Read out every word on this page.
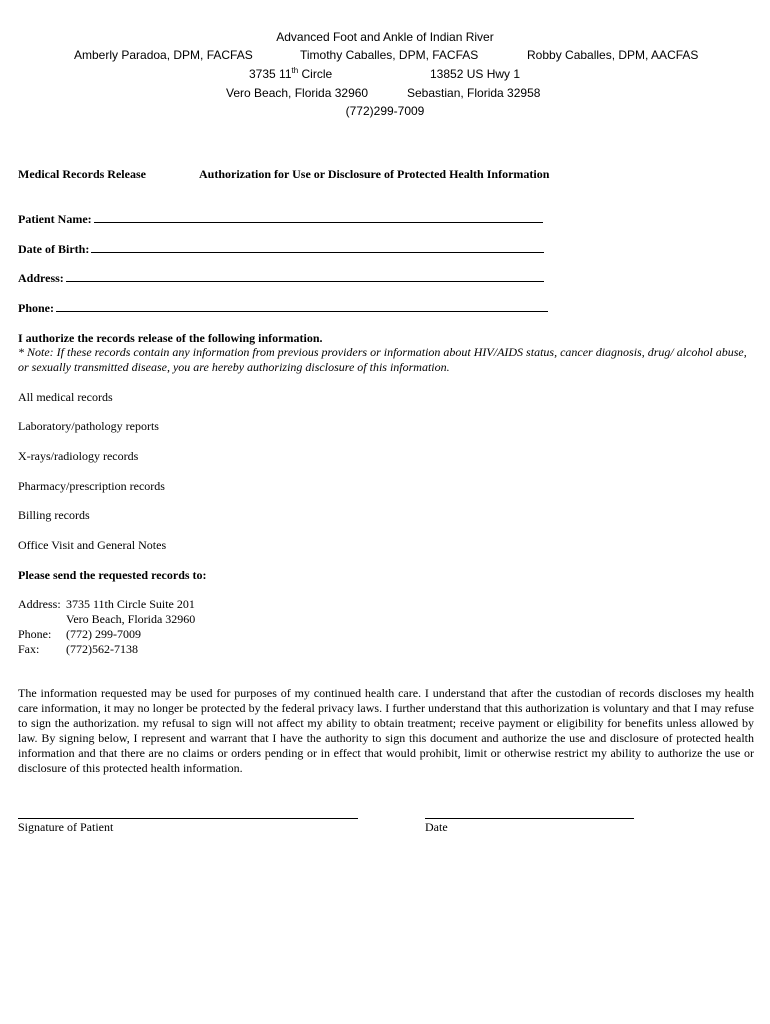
Advanced Foot and Ankle of Indian River
Amberly Paradoa, DPM, FACFAS	Timothy Caballes, DPM, FACFAS	Robby Caballes, DPM, AACFAS
3735 11th Circle	13852 US Hwy 1
Vero Beach, Florida 32960	Sebastian, Florida 32958
(772)299-7009
Medical Records Release	Authorization for Use or Disclosure of Protected Health Information
Patient Name:
Date of Birth:
Address:
Phone:
I authorize the records release of the following information.
* Note: If these records contain any information from previous providers or information about HIV/AIDS status, cancer diagnosis, drug/ alcohol abuse, or sexually transmitted disease, you are hereby authorizing disclosure of this information.
All medical records
Laboratory/pathology reports
X-rays/radiology records
Pharmacy/prescription records
Billing records
Office Visit and General Notes
Please send the requested records to:
Address: 3735 11th Circle Suite 201
Vero Beach, Florida 32960
Phone: (772) 299-7009
Fax: (772)562-7138
The information requested may be used for purposes of my continued health care. I understand that after the custodian of records discloses my health care information, it may no longer be protected by the federal privacy laws. I further understand that this authorization is voluntary and that I may refuse to sign the authorization. my refusal to sign will not affect my ability to obtain treatment; receive payment or eligibility for benefits unless allowed by law. By signing below, I represent and warrant that I have the authority to sign this document and authorize the use and disclosure of protected health information and that there are no claims or orders pending or in effect that would prohibit, limit or otherwise restrict my ability to authorize the use or disclosure of this protected health information.
Signature of Patient	Date
